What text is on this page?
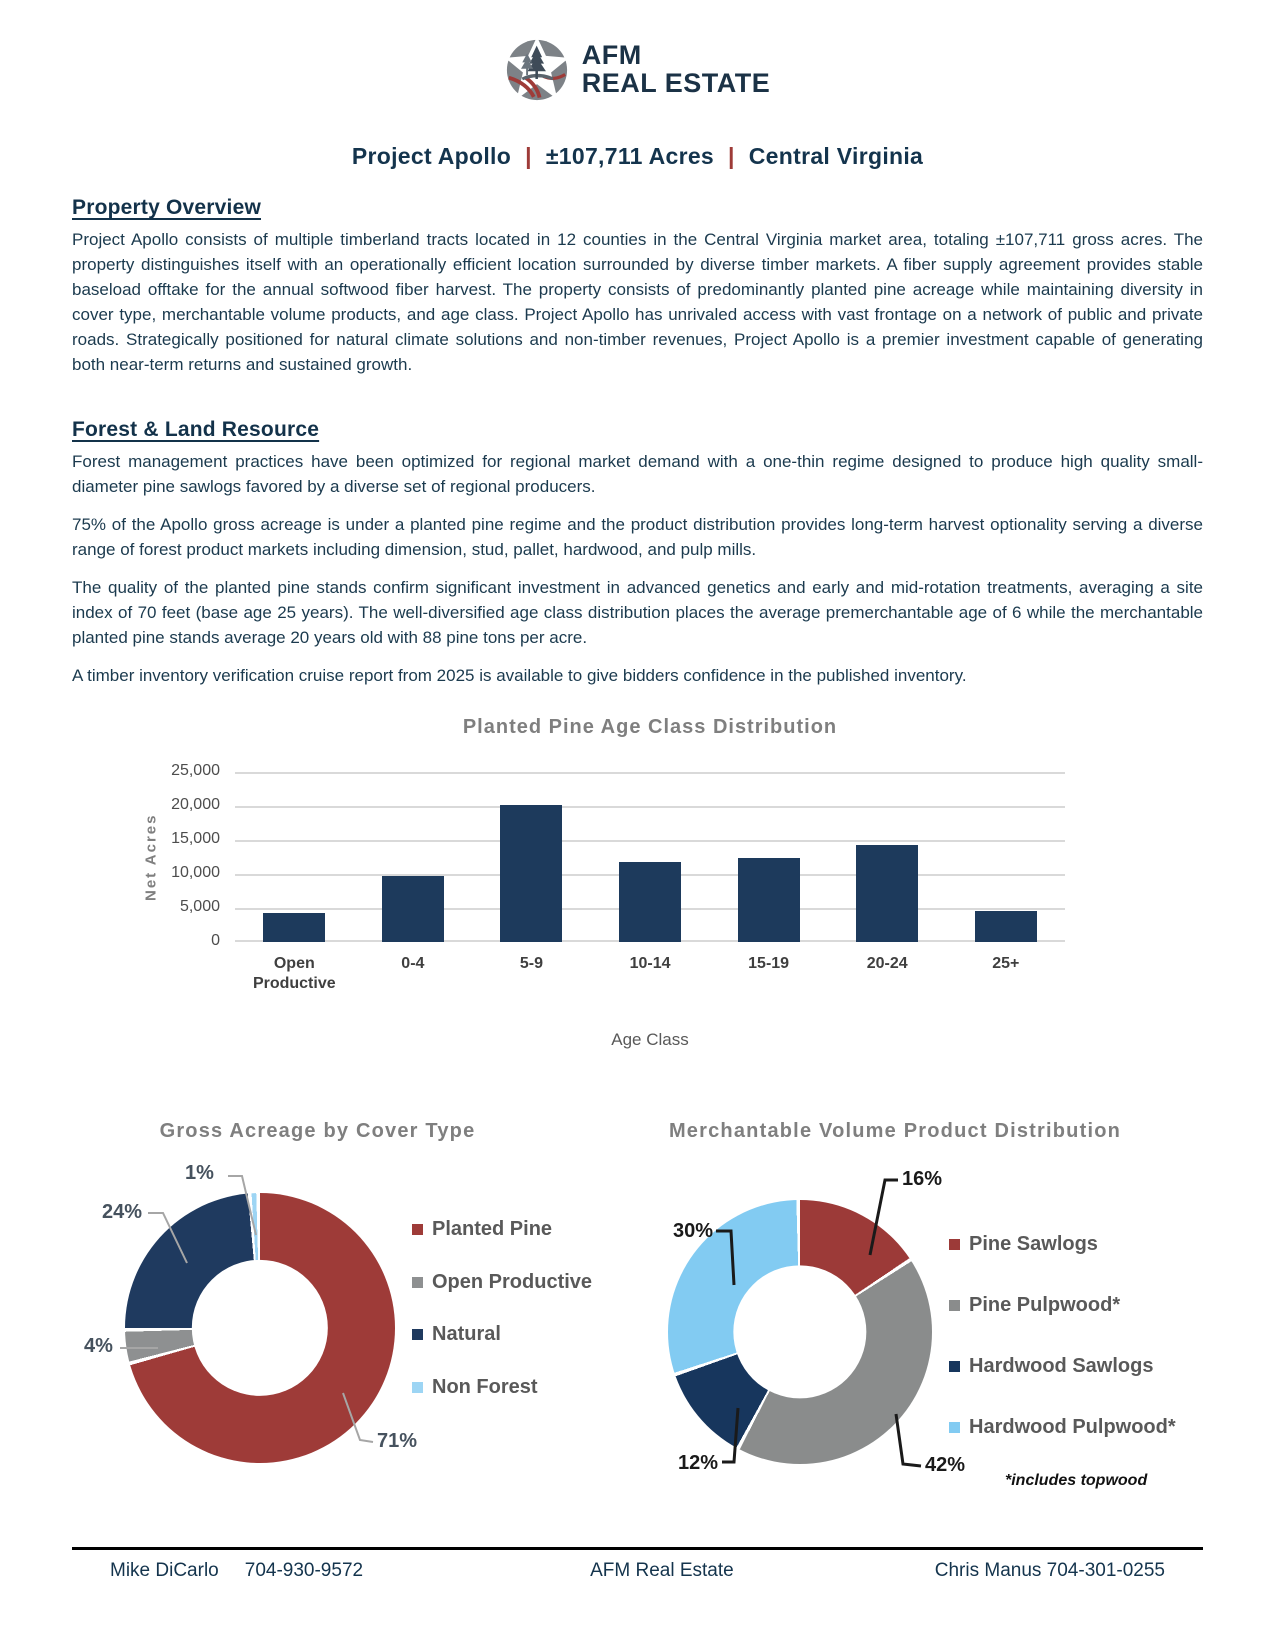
AFM
REAL ESTATE
Project Apollo | ±107,711 Acres | Central Virginia
Property Overview

Project Apollo consists of multiple timberland tracts located in 12 counties in the Central Virginia market area, totaling ±107,711 gross acres. The property distinguishes itself with an operationally efficient location surrounded by diverse timber markets. A fiber supply agreement provides stable baseload offtake for the annual softwood fiber harvest. The property consists of predominantly planted pine acreage while maintaining diversity in cover type, merchantable volume products, and age class. Project Apollo has unrivaled access with vast frontage on a network of public and private roads. Strategically positioned for natural climate solutions and non-timber revenues, Project Apollo is a premier investment capable of generating both near-term returns and sustained growth.

Forest & Land Resource

Forest management practices have been optimized for regional market demand with a one-thin regime designed to produce high quality small-diameter pine sawlogs favored by a diverse set of regional producers.

75% of the Apollo gross acreage is under a planted pine regime and the product distribution provides long-term harvest optionality serving a diverse range of forest product markets including dimension, stud, pallet, hardwood, and pulp mills.

The quality of the planted pine stands confirm significant investment in advanced genetics and early and mid-rotation treatments, averaging a site index of 70 feet (base age 25 years). The well-diversified age class distribution places the average premerchantable age of 6 while the merchantable planted pine stands average 20 years old with 88 pine tons per acre.

A timber inventory verification cruise report from 2025 is available to give bidders confidence in the published inventory.

Planted Pine Age Class Distribution
Net Acres
25,000
20,000
15,000
10,000
5,000
0
Open Productive
0-4	5-9	10-14	15-19	20-24	25+
Age Class
Gross Acreage by Cover Type
1%
24%
4%
71%
Planted Pine
Open Productive
Natural
Non Forest
Merchantable Volume Product Distribution
16%
30%
12%	42%
Pine Sawlogs
Pine Pulpwood*
Hardwood Sawlogs
Hardwood Pulpwood*
*includes topwood
Mike DiCarlo 704-930-9572	AFM Real Estate	Chris Manus 704-301-0255
